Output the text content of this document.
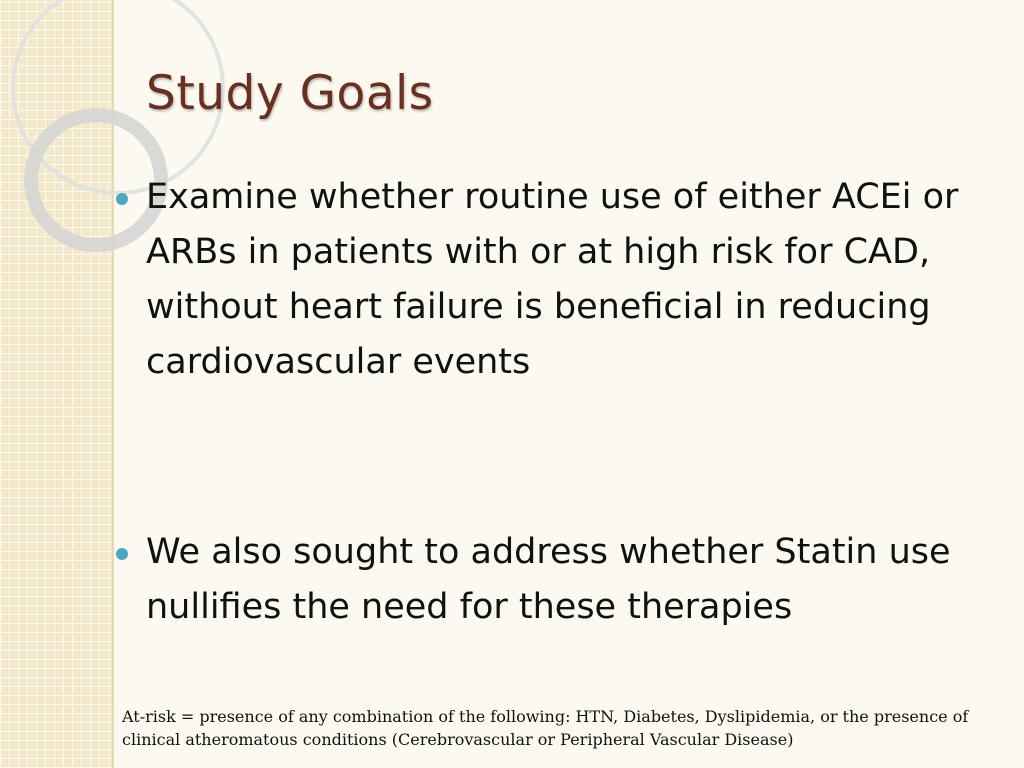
Study Goals
Examine whether routine use of either ACEi or ARBs in patients with or at high risk for CAD, without heart failure is beneficial in reducing cardiovascular events
We also sought to address whether Statin use nullifies the need for these therapies
At-risk = presence of any combination of the following: HTN, Diabetes, Dyslipidemia, or the presence of clinical atheromatous conditions (Cerebrovascular or Peripheral Vascular Disease)
